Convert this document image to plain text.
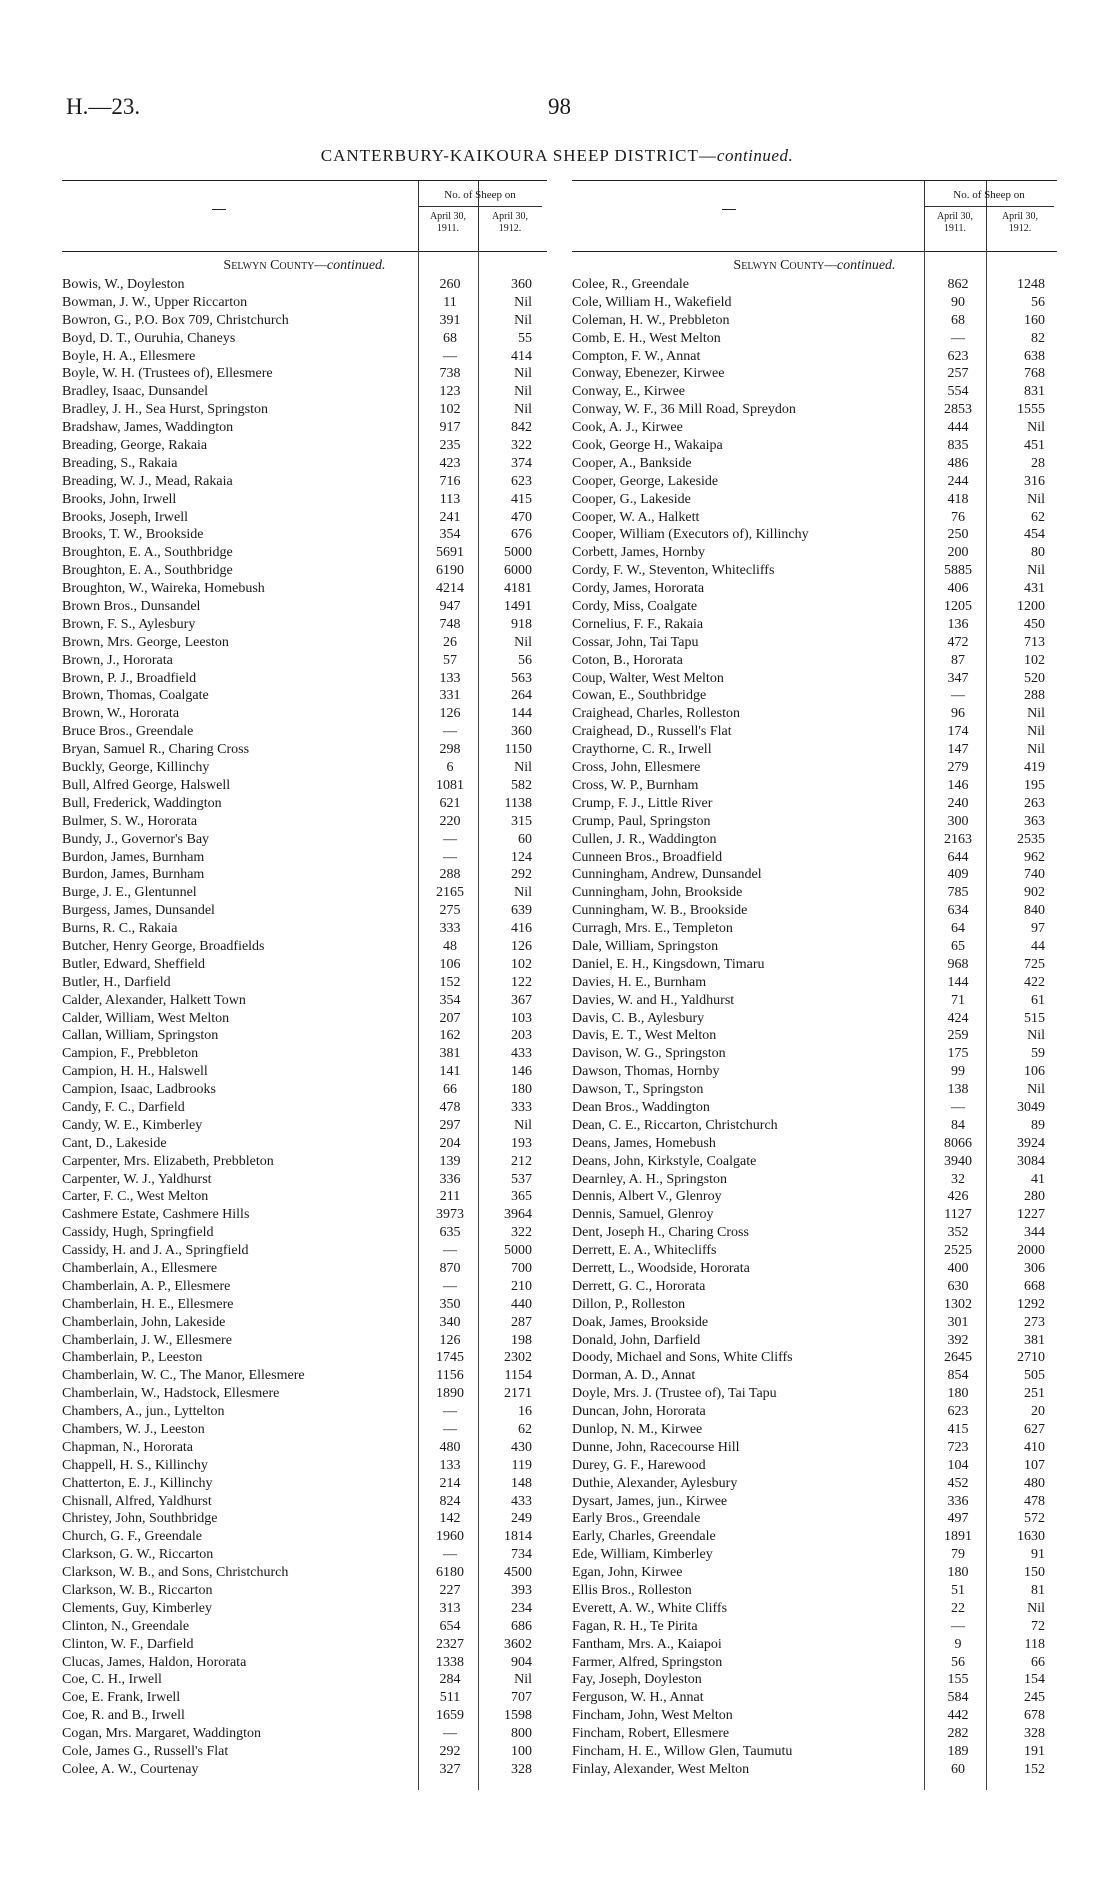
H.—23.	98
CANTERBURY-KAIKOURA SHEEP DISTRICT—continued.
No. of Sheep on
April 30,
1911.
April 30,
1912.
Selwyn County—continued.
Bowis, W., Doyleston	260	360
Bowman, J. W., Upper Riccarton	11	Nil
Bowron, G., P.O. Box 709, Christchurch	391	Nil
Boyd, D. T., Ouruhia, Chaneys	68	55
Boyle, H. A., Ellesmere	—	414
Boyle, W. H. (Trustees of), Ellesmere	738	Nil
Bradley, Isaac, Dunsandel	123	Nil
Bradley, J. H., Sea Hurst, Springston	102	Nil
Bradshaw, James, Waddington	917	842
Breading, George, Rakaia	235	322
Breading, S., Rakaia	423	374
Breading, W. J., Mead, Rakaia	716	623
Brooks, John, Irwell	113	415
Brooks, Joseph, Irwell	241	470
Brooks, T. W., Brookside	354	676
Broughton, E. A., Southbridge	5691	5000
Broughton, E. A., Southbridge	6190	6000
Broughton, W., Waireka, Homebush	4214	4181
Brown Bros., Dunsandel	947	1491
Brown, F. S., Aylesbury	748	918
Brown, Mrs. George, Leeston	26	Nil
Brown, J., Hororata	57	56
Brown, P. J., Broadfield	133	563
Brown, Thomas, Coalgate	331	264
Brown, W., Hororata	126	144
Bruce Bros., Greendale	—	360
Bryan, Samuel R., Charing Cross	298	1150
Buckly, George, Killinchy	6	Nil
Bull, Alfred George, Halswell	1081	582
Bull, Frederick, Waddington	621	1138
Bulmer, S. W., Hororata	220	315
Bundy, J., Governor's Bay	—	60
Burdon, James, Burnham	—	124
Burdon, James, Burnham	288	292
Burge, J. E., Glentunnel	2165	Nil
Burgess, James, Dunsandel	275	639
Burns, R. C., Rakaia	333	416
Butcher, Henry George, Broadfields	48	126
Butler, Edward, Sheffield	106	102
Butler, H., Darfield	152	122
Calder, Alexander, Halkett Town	354	367
Calder, William, West Melton	207	103
Callan, William, Springston	162	203
Campion, F., Prebbleton	381	433
Campion, H. H., Halswell	141	146
Campion, Isaac, Ladbrooks	66	180
Candy, F. C., Darfield	478	333
Candy, W. E., Kimberley	297	Nil
Cant, D., Lakeside	204	193
Carpenter, Mrs. Elizabeth, Prebbleton	139	212
Carpenter, W. J., Yaldhurst	336	537
Carter, F. C., West Melton	211	365
Cashmere Estate, Cashmere Hills	3973	3964
Cassidy, Hugh, Springfield	635	322
Cassidy, H. and J. A., Springfield	—	5000
Chamberlain, A., Ellesmere	870	700
Chamberlain, A. P., Ellesmere	—	210
Chamberlain, H. E., Ellesmere	350	440
Chamberlain, John, Lakeside	340	287
Chamberlain, J. W., Ellesmere	126	198
Chamberlain, P., Leeston	1745	2302
Chamberlain, W. C., The Manor, Ellesmere	1156	1154
Chamberlain, W., Hadstock, Ellesmere	1890	2171
Chambers, A., jun., Lyttelton	—	16
Chambers, W. J., Leeston	—	62
Chapman, N., Hororata	480	430
Chappell, H. S., Killinchy	133	119
Chatterton, E. J., Killinchy	214	148
Chisnall, Alfred, Yaldhurst	824	433
Christey, John, Southbridge	142	249
Church, G. F., Greendale	1960	1814
Clarkson, G. W., Riccarton	—	734
Clarkson, W. B., and Sons, Christchurch	6180	4500
Clarkson, W. B., Riccarton	227	393
Clements, Guy, Kimberley	313	234
Clinton, N., Greendale	654	686
Clinton, W. F., Darfield	2327	3602
Clucas, James, Haldon, Hororata	1338	904
Coe, C. H., Irwell	284	Nil
Coe, E. Frank, Irwell	511	707
Coe, R. and B., Irwell	1659	1598
Cogan, Mrs. Margaret, Waddington	—	800
Cole, James G., Russell's Flat	292	100
Colee, A. W., Courtenay	327	328
No. of Sheep on
April 30,
1911.
April 30,
1912.
Selwyn County—continued.
Colee, R., Greendale	862	1248
Cole, William H., Wakefield	90	56
Coleman, H. W., Prebbleton	68	160
Comb, E. H., West Melton	—	82
Compton, F. W., Annat	623	638
Conway, Ebenezer, Kirwee	257	768
Conway, E., Kirwee	554	831
Conway, W. F., 36 Mill Road, Spreydon	2853	1555
Cook, A. J., Kirwee	444	Nil
Cook, George H., Wakaipa	835	451
Cooper, A., Bankside	486	28
Cooper, George, Lakeside	244	316
Cooper, G., Lakeside	418	Nil
Cooper, W. A., Halkett	76	62
Cooper, William (Executors of), Killinchy	250	454
Corbett, James, Hornby	200	80
Cordy, F. W., Steventon, Whitecliffs	5885	Nil
Cordy, James, Hororata	406	431
Cordy, Miss, Coalgate	1205	1200
Cornelius, F. F., Rakaia	136	450
Cossar, John, Tai Tapu	472	713
Coton, B., Hororata	87	102
Coup, Walter, West Melton	347	520
Cowan, E., Southbridge	—	288
Craighead, Charles, Rolleston	96	Nil
Craighead, D., Russell's Flat	174	Nil
Craythorne, C. R., Irwell	147	Nil
Cross, John, Ellesmere	279	419
Cross, W. P., Burnham	146	195
Crump, F. J., Little River	240	263
Crump, Paul, Springston	300	363
Cullen, J. R., Waddington	2163	2535
Cunneen Bros., Broadfield	644	962
Cunningham, Andrew, Dunsandel	409	740
Cunningham, John, Brookside	785	902
Cunningham, W. B., Brookside	634	840
Curragh, Mrs. E., Templeton	64	97
Dale, William, Springston	65	44
Daniel, E. H., Kingsdown, Timaru	968	725
Davies, H. E., Burnham	144	422
Davies, W. and H., Yaldhurst	71	61
Davis, C. B., Aylesbury	424	515
Davis, E. T., West Melton	259	Nil
Davison, W. G., Springston	175	59
Dawson, Thomas, Hornby	99	106
Dawson, T., Springston	138	Nil
Dean Bros., Waddington	—	3049
Dean, C. E., Riccarton, Christchurch	84	89
Deans, James, Homebush	8066	3924
Deans, John, Kirkstyle, Coalgate	3940	3084
Dearnley, A. H., Springston	32	41
Dennis, Albert V., Glenroy	426	280
Dennis, Samuel, Glenroy	1127	1227
Dent, Joseph H., Charing Cross	352	344
Derrett, E. A., Whitecliffs	2525	2000
Derrett, L., Woodside, Hororata	400	306
Derrett, G. C., Hororata	630	668
Dillon, P., Rolleston	1302	1292
Doak, James, Brookside	301	273
Donald, John, Darfield	392	381
Doody, Michael and Sons, White Cliffs	2645	2710
Dorman, A. D., Annat	854	505
Doyle, Mrs. J. (Trustee of), Tai Tapu	180	251
Duncan, John, Hororata	623	20
Dunlop, N. M., Kirwee	415	627
Dunne, John, Racecourse Hill	723	410
Durey, G. F., Harewood	104	107
Duthie, Alexander, Aylesbury	452	480
Dysart, James, jun., Kirwee	336	478
Early Bros., Greendale	497	572
Early, Charles, Greendale	1891	1630
Ede, William, Kimberley	79	91
Egan, John, Kirwee	180	150
Ellis Bros., Rolleston	51	81
Everett, A. W., White Cliffs	22	Nil
Fagan, R. H., Te Pirita	—	72
Fantham, Mrs. A., Kaiapoi	9	118
Farmer, Alfred, Springston	56	66
Fay, Joseph, Doyleston	155	154
Ferguson, W. H., Annat	584	245
Fincham, John, West Melton	442	678
Fincham, Robert, Ellesmere	282	328
Fincham, H. E., Willow Glen, Taumutu	189	191
Finlay, Alexander, West Melton	60	152
